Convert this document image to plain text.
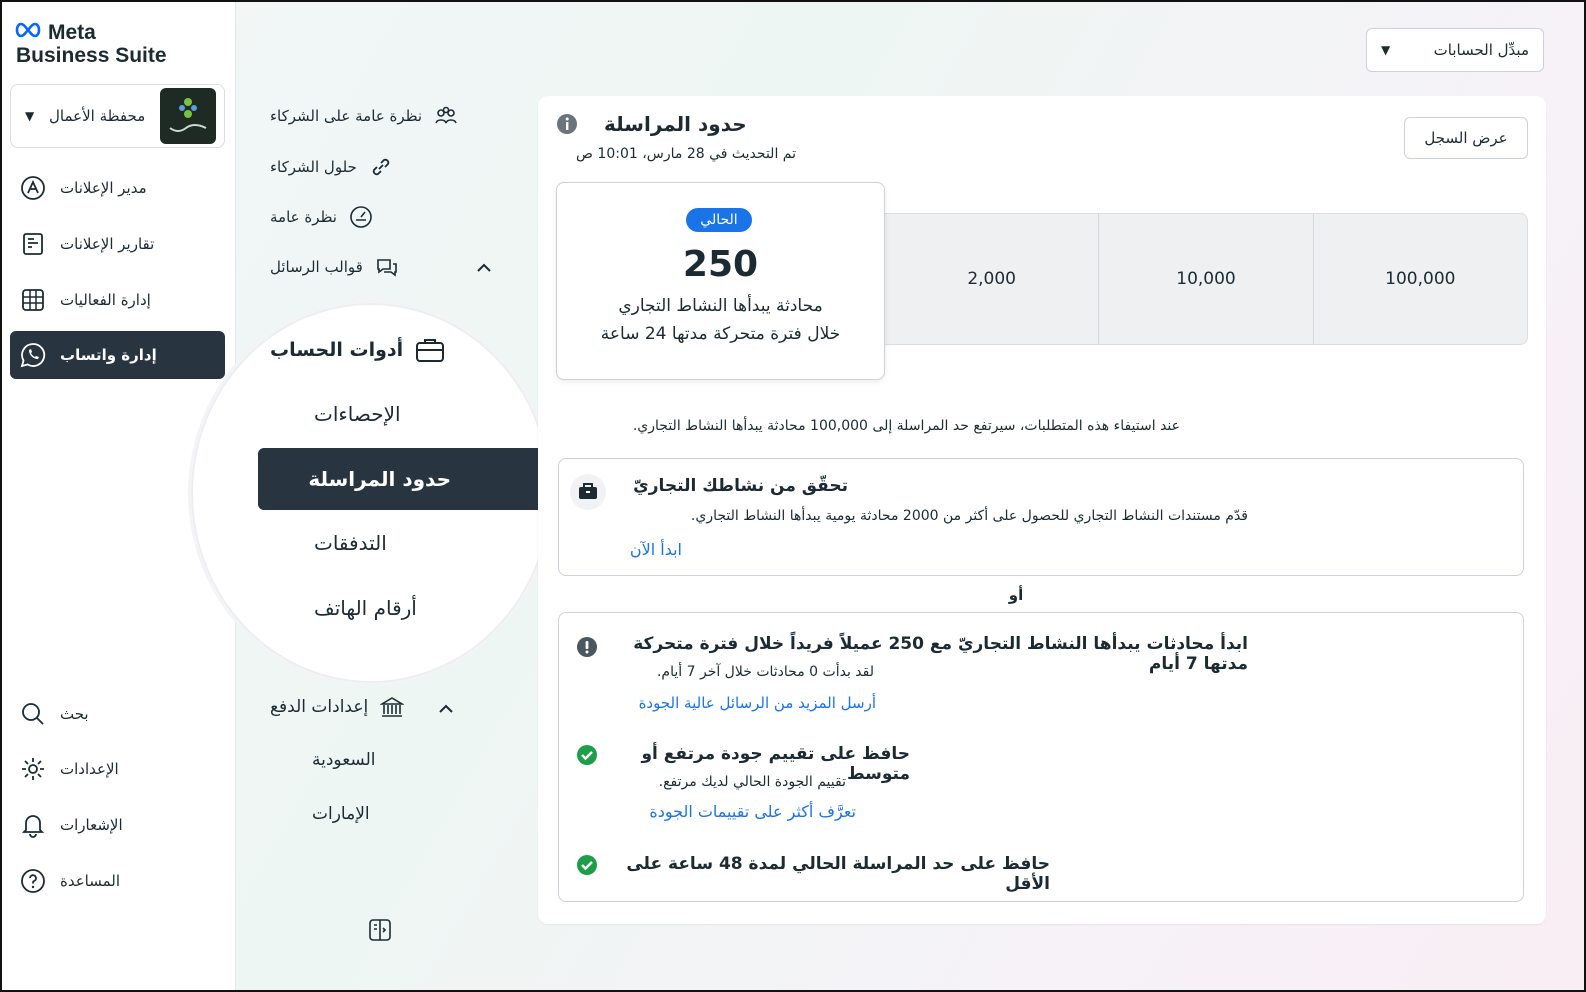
Meta
Business Suite
محفظة الأعمال
▼
مدير الإعلانات
تقارير الإعلانات
إدارة الفعاليات
إدارة واتساب
بحث
الإعدادات
الإشعارات
المساعدة
نظرة عامة على الشركاء
حلول الشركاء
نظرة عامة
قوالب الرسائل
أدوات الحساب
الإحصاءات
حدود المراسلة
التدفقات
أرقام الهاتف
إعدادات الدفع
السعودية
الإمارات
مبدِّل الحسابات
▼
حدود المراسلة
تم التحديث في 28 مارس، 10:01 ص
عرض السجل
2,000	10,000	100,000
الحالي
250
محادثة يبدأها النشاط التجاري
خلال فترة متحركة مدتها 24 ساعة
عند استيفاء هذه المتطلبات، سيرتفع حد المراسلة إلى 100,000 محادثة يبدأها النشاط التجاري.
تحقّق من نشاطك التجاريّ
قدّم مستندات النشاط التجاري للحصول على أكثر من 2000 محادثة يومية يبدأها النشاط التجاري.
ابدأ الآن
أو
ابدأ محادثات يبدأها النشاط التجاريّ مع 250 عميلاً فريداً خلال فترة متحركة مدتها 7 أيام
لقد بدأت 0 محادثات خلال آخر 7 أيام.
أرسل المزيد من الرسائل عالية الجودة
حافظ على تقييم جودة مرتفع أو متوسط
تقييم الجودة الحالي لديك مرتفع.
تعرَّف أكثر على تقييمات الجودة
حافظ على حد المراسلة الحالي لمدة 48 ساعة على الأقل
